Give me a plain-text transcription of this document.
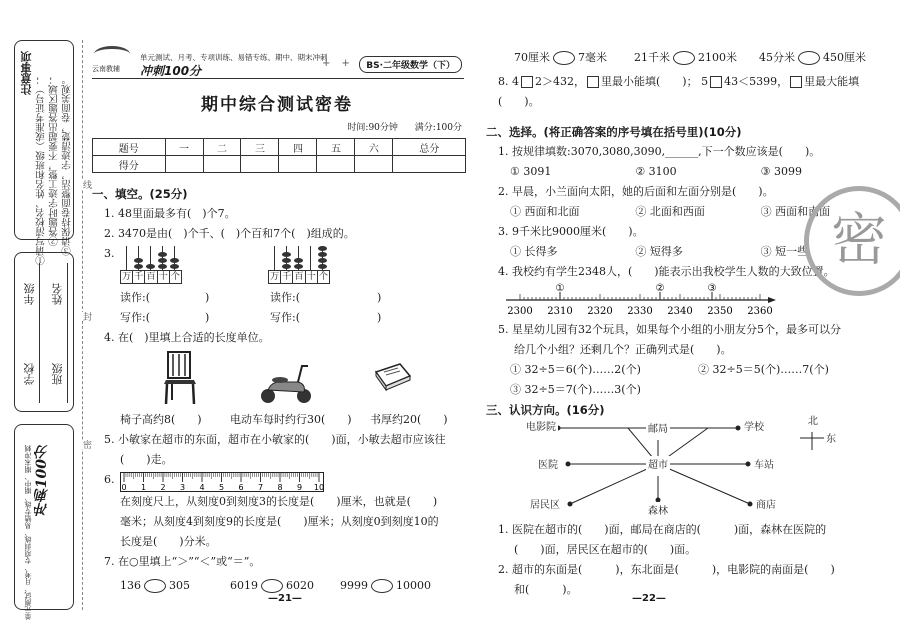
注意事项
①请写清校名、姓名和班级（或准考证号）； ②答题时字迹工整，不要超出答题区域； ③请保持卷面整洁，字迹清楚，卷面美观。
学校
年级
班级
姓名
冲刺100分
单元测试、月考、专项训练、易错专练、期中、期末冲刺
线
封
密
云南教辅
单元测试、月考、专项训练、易错专练、期中、期末冲刺
冲刺100分
+ +	BS·二年级数学（下）
期中综合测试密卷
时间:90分钟 满分:100分
题号	一	二	三	四	五	六	总分
得分							
一、填空。(25分)
1. 48里面最多有(　)个7。
2. 3470是由(　)个千、(　)个百和7个(　)组成的。
3.
万 千 百 十 个	万 千 百 十 个
读作:(　　　　　)	读作:(　　　　　　　)
写作:(　　　　　)	写作:(　　　　　　　)
4. 在(　)里填上合适的长度单位。
椅子高约8(　　)	电动车每时约行30(　　)	书厚约20(　　)
5. 小敏家在超市的东面，超市在小敏家的(　　)面，小敏去超市应该往
(　　)走。
6.
0 1 2 3 4 5 6 7 8 9 10
在刻度尺上，从刻度0到刻度3的长度是(　　)厘米，也就是(　　)
毫米；从刻度4到刻度9的长度是(　　)厘米；从刻度0到刻度10的
长度是(　　)分米。
7. 在○里填上“＞”“＜”或“＝”。
136	305	6019	6020	9999	10000
70厘米	7毫米	21千米	2100米	45分米	450厘米
8. 4 2＞432， 里最小能填(　　)； 5 43＜5399， 里最大能填(　　)。
二、选择。(将正确答案的序号填在括号里)(10分)
1. 按规律填数:3070,3080,3090,______,下一个数应该是(　　)。
① 3091	② 3100	③ 3099
2. 早晨，小兰面向太阳，她的后面和左面分别是(　　)。
① 西面和北面	② 北面和西面	③ 西面和南面
3. 9千米比9000厘米(　　)。
① 长得多	② 短得多	③ 短一些
4. 我校约有学生2348人，(　　)能表示出我校学生人数的大致位置。
2300 2310 2320 2330 2340 2350 2360
①	②	③
5. 星星幼儿园有32个玩具，如果每个小组的小朋友分5个，最多可以分
给几个小组？还剩几个？正确列式是(　　)。
① 32÷5＝6(个)……2(个)	② 32÷5＝5(个)……7(个)
③ 32÷5＝7(个)……3(个)
三、认识方向。(16分)
电影院	邮局	学校
医院	超市	车站
居民区
森林
商店
北
东
1. 医院在超市的(　　)面，邮局在商店的(　　　)面，森林在医院的
(　　)面，居民区在超市的(　　)面。
2. 超市的东面是(　　　)，东北面是(　　　)，电影院的南面是(　　)
和(　　　)。
密
—21—	—22—
